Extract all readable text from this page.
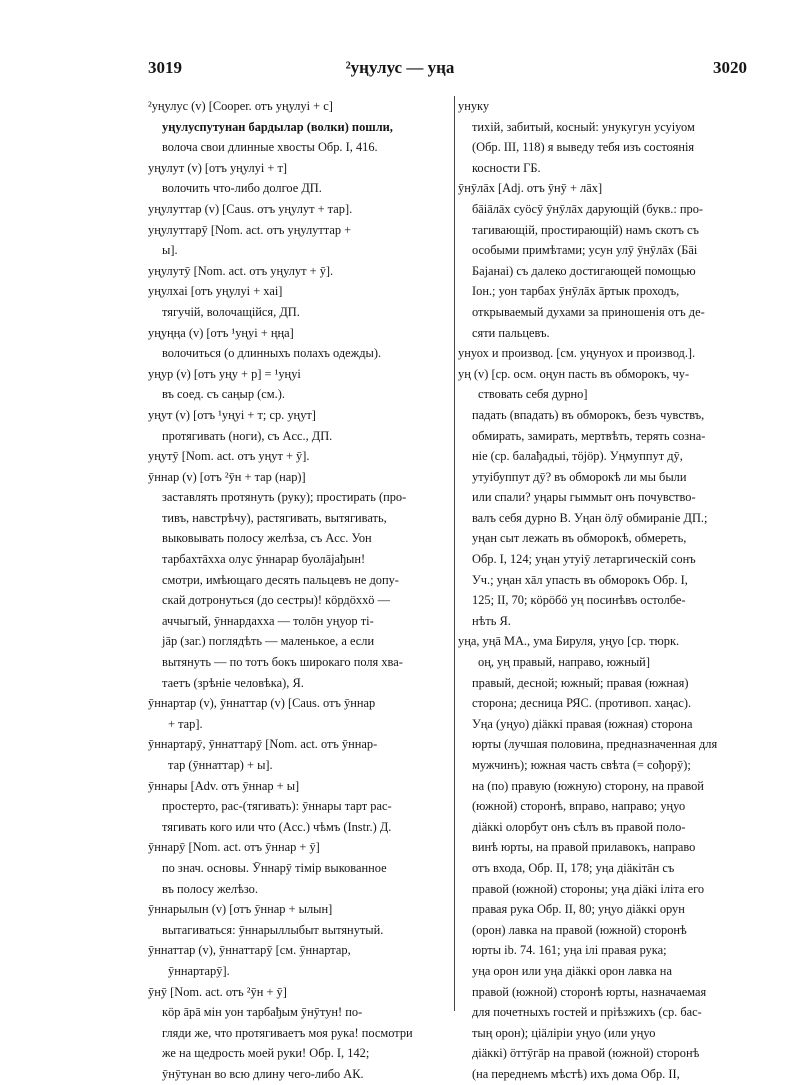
3019	²уңулус — уңа	3020
²уңулус (v) [Cooper. отъ уңулуі + с]
уңулуспутунан бардылар (волки) пошли,
волоча свои длинные хвосты Обр. I, 416.
уңулут (v) [отъ уңулуі + т]
волочить что-либо долгое ДП.
уңулуттар (v) [Caus. отъ уңулут + тар].
уңулуттарӯ [Nom. act. отъ уңулуттар +
ы].
уңулутӯ [Nom. act. отъ уңулут + ӯ].
уңулхаі [отъ уңулуі + хаі]
тягучій, волочащійся, ДП.
уңуңңа (v) [отъ ¹уңуі + ңңа]
волочиться (о длинныхъ полахъ одежды).
уңур (v) [отъ уңу + р] = ¹уңуі
въ соед. съ саңыр (см.).
уңут (v) [отъ ¹уңуі + т; ср. уңут]
протягивать (ноги), съ Acc., ДП.
уңутӯ [Nom. act. отъ уңут + ӯ].
ӯннар (v) [отъ ²ӯн + тар (нар)]
заставлять протянуть (руку); простирать (про-
тивъ, навстрѣчу), растягивать, вытягивать,
выковывать полосу желѣза, съ Acc. Уон
тарбахтāхха олус ӯннарар буолāјађын!
смотри, имѣющаго десять пальцевъ не допу-
скай дотронуться (до сестры)! кöрдӧххӧ —
аччыгый, ӯннардахха — толōн уңуор ті-
јāр (заг.) поглядѣть — маленькое, а если
вытянуть — по тотъ бокъ широкаго поля хва-
таетъ (зрѣніе человѣка), Я.
ӯннартар (v), ӯннаттар (v) [Caus. отъ ӯннар
+ тар].
ӯннартарӯ, ӯннаттарӯ [Nom. act. отъ ӯннар-
тар (ӯннаттар) + ы].
ӯннары [Adv. отъ ӯннар + ы]
простерто, рас-(тягивать): ӯннары тарт рас-
тягивать кого или что (Acc.) чѣмъ (Instr.) Д.
ӯннарӯ [Nom. act. отъ ӯннар + ӯ]
по знач. основы. Ӯннарӯ тімір выкованное
въ полосу желѣзо.
ӯннарылын (v) [отъ ӯннар + ылын]
вытагиваться: ӯннарыллыбыт вытянутый.
ӯннаттар (v), ӯннаттарӯ [см. ӯннартар,
ӯннартарӯ].
ӯнӯ [Nom. act. отъ ²ӯн + ӯ]
кӧр āрā мін уон тарбађым ӯнӯтун! по-
гляди же, что протягиваетъ моя рука! посмотри
же на щедрость моей руки! Обр. I, 142;
ӯнӯтунан во всю длину чего-либо АК.
унуку
тихій, забитый, косный: унукугун усуіуом
(Обр. III, 118) я выведу тебя изъ состоянія
косности ГБ.
ӯнӯлāх [Adj. отъ ӯнӯ + лāх]
бāіāлāх суӧсӯ ӯнӯлāх дарующій (букв.: про-
тагивающій, простирающій) намъ скотъ съ
особыми примѣтами; усун улӯ ӯнӯлāх (Бāі
Бајанаі) съ далеко достигающей помощью
Іон.; уон тарбах ӯнӯлāх āртык проходъ,
открываемый духами за приношенія отъ де-
сяти пальцевъ.
унуох и производ. [см. уңунуох и производ.].
уң (v) [ср. осм. оңун пасть въ обморокъ, чу-
ствовать себя дурно]
падать (впадать) въ обморокъ, безъ чувствъ,
обмирать, замирать, мертвѣть, терять созна-
ніе (ср. балађадыі, тӧјӧр). Уңмуппут дӯ,
утуібуппут дӯ? въ обморокѣ ли мы были
или спали? уңары гыммыт онъ почувство-
валъ себя дурно В. Уңан ӧлӯ обмираніе ДП.;
уңан сыт лежать въ обморокѣ, обмереть,
Обр. I, 124; уңан утуіӯ летаргическій сонъ
Уч.; уңан хāл упасть въ обморокъ Обр. I,
125; II, 70; кӧрӧбӧ уң посинѣвъ остолбе-
нѣть Я.
уңа, уңā МА., ума Бируля, уңуо [ср. тюрк.
оң, уң правый, направо, южный]
правый, десной; южный; правая (южная)
сторона; десница РЯС. (противоп. хаңас).
Уңа (уңуо) діäккі правая (южная) сторона
юрты (лучшая половина, предназначенная для
мужчинъ); южная часть свѣта (= сођорӯ);
на (по) правую (южную) сторону, на правой
(южной) сторонѣ, вправо, направо; уңуо
діäккі олорбут онъ сѣлъ въ правой поло-
винѣ юрты, на правой прилавокъ, направо
отъ входа, Обр. II, 178; уңа діäкітāн съ
правой (южной) стороны; уңа діäкі іліта его
правая рука Обр. II, 80; уңуо діäккі орун
(орон) лавка на правой (южной) сторонѣ
юрты іb. 74. 161; уңа ілі правая рука;
уңа орон или уңа діäккі орон лавка на
правой (южной) сторонѣ юрты, назначаемая
для почетныхъ гостей и пріѣзжихъ (ср. бас-
тың орон); ціäліріи уңуо (или уңуо
діäккі) ӧттӯгāр на правой (южной) сторонѣ
(на переднемъ мѣстѣ) ихъ дома Обр. II,
